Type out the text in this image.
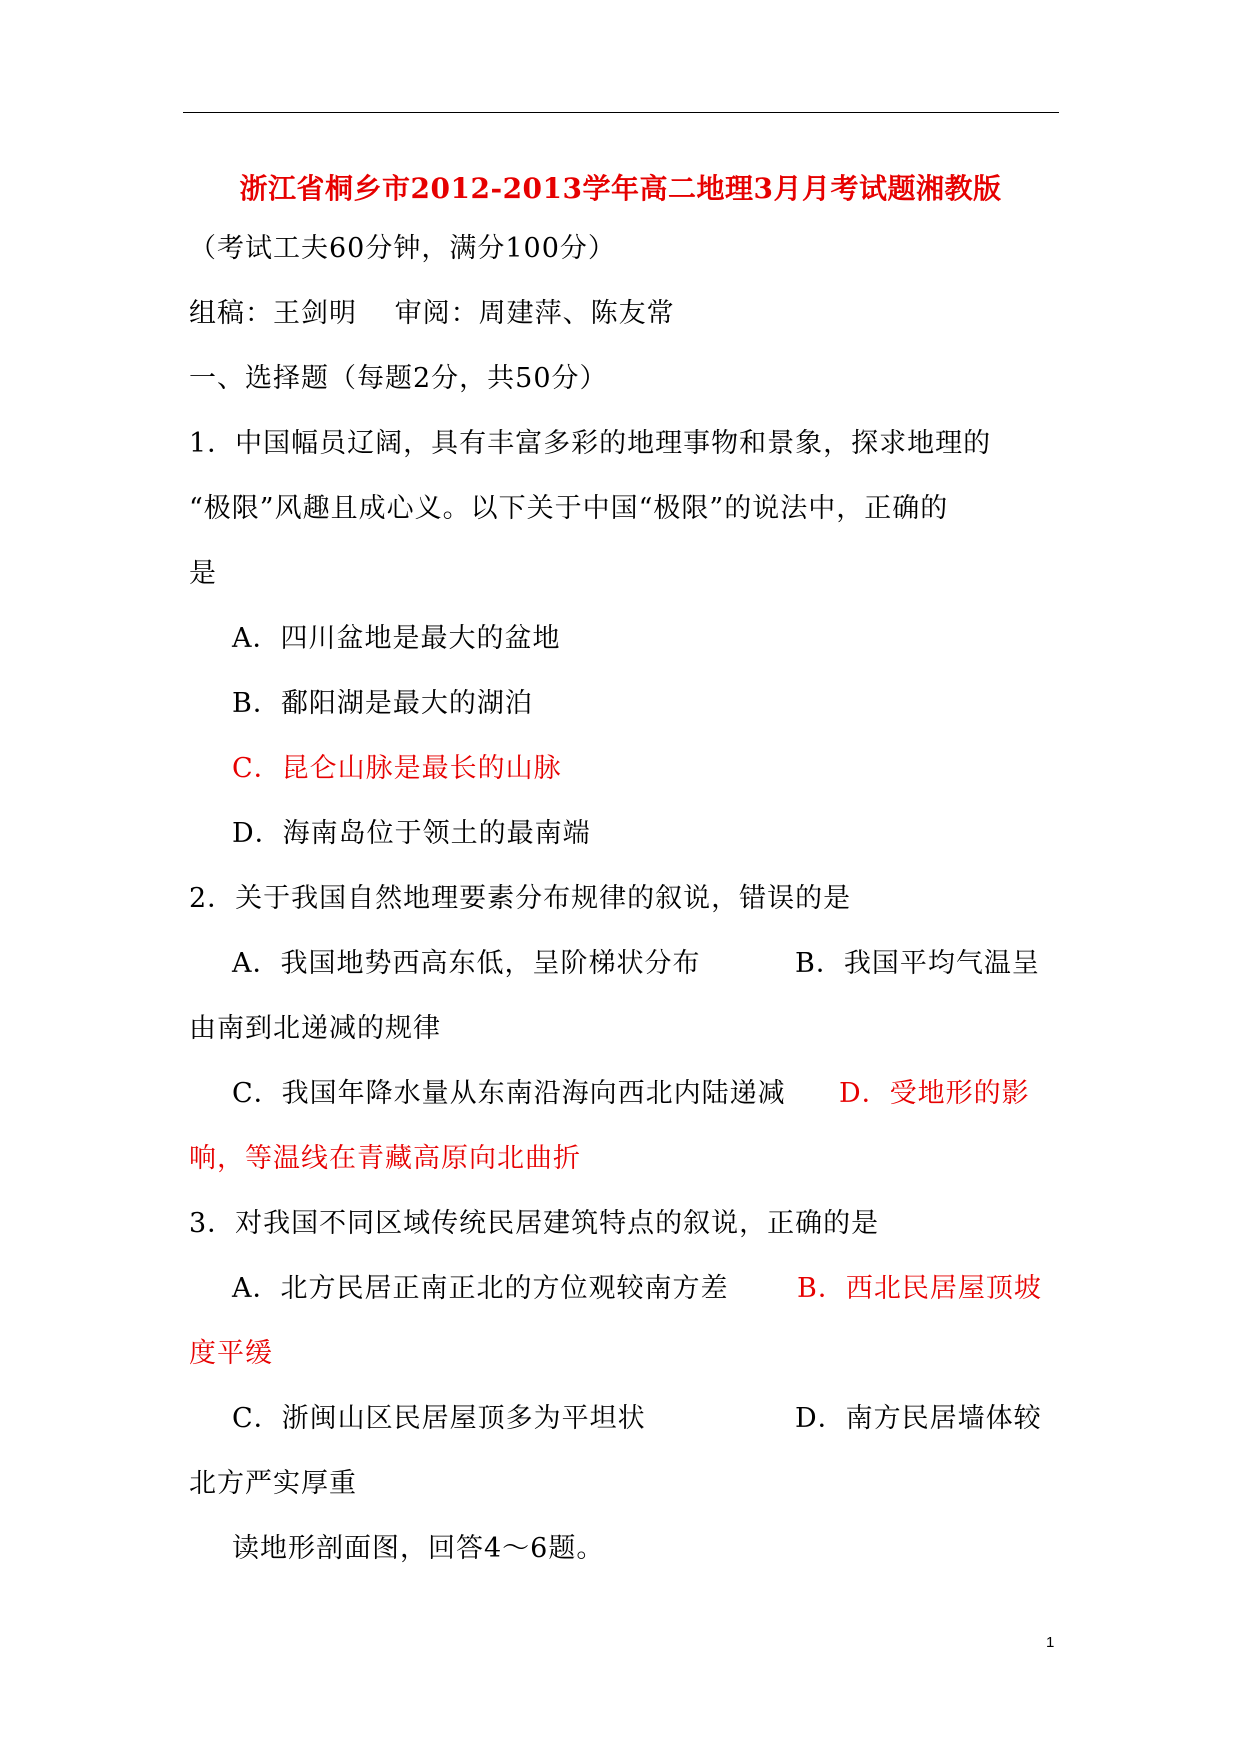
浙江省桐乡市2012-2013学年高二地理3月月考试题湘教版
（考试工夫60分钟，满分100分）
组稿：王剑明　 审阅：周建萍、陈友常
一、选择题（每题2分，共50分）
1．中国幅员辽阔，具有丰富多彩的地理事物和景象，探求地理的
“极限”风趣且成心义。以下关于中国“极限”的说法中，正确的
是
A．四川盆地是最大的盆地
B．鄱阳湖是最大的湖泊
C．昆仑山脉是最长的山脉
D．海南岛位于领土的最南端
2．关于我国自然地理要素分布规律的叙说，错误的是
A．我国地势西高东低，呈阶梯状分布	B．我国平均气温呈
由南到北递减的规律
C．我国年降水量从东南沿海向西北内陆递减 D．受地形的影
响，等温线在青藏高原向北曲折
3．对我国不同区域传统民居建筑特点的叙说，正确的是
A．北方民居正南正北的方位观较南方差	B．西北民居屋顶坡
度平缓
C．浙闽山区民居屋顶多为平坦状	D．南方民居墙体较
北方严实厚重
读地形剖面图，回答4～6题。
1
